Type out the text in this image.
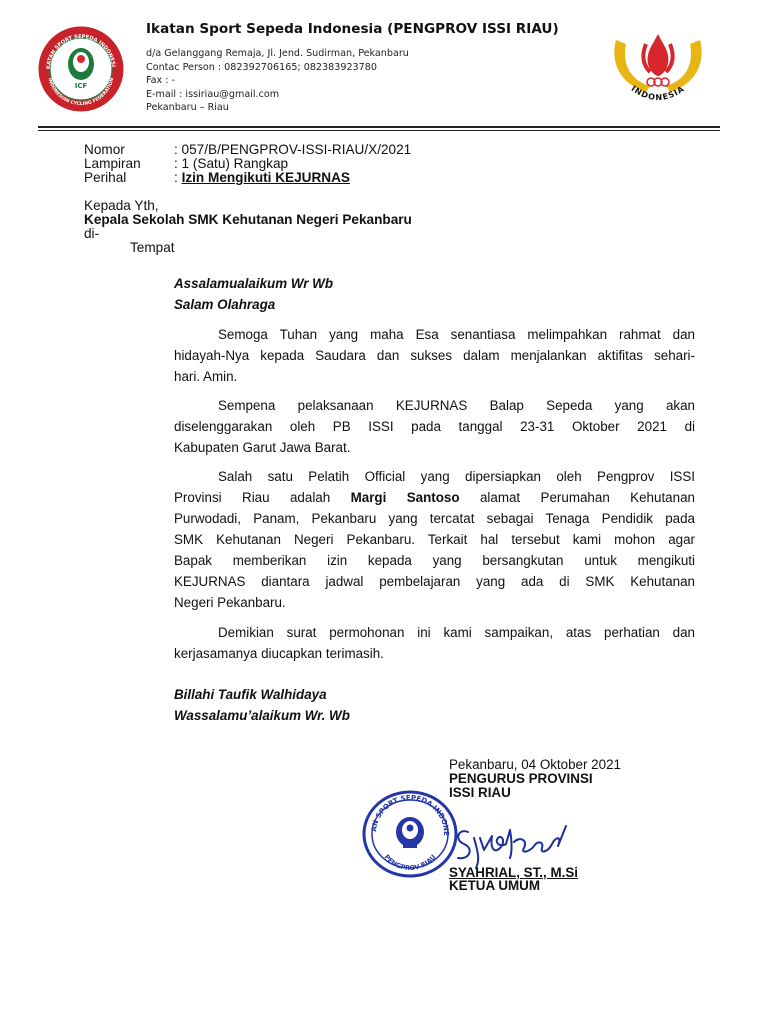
KATAN SPORT SEPEDA INDONESI
INDONESIAN CYCLING FEDERATION
ICF
Ikatan Sport Sepeda Indonesia (PENGPROV ISSI RIAU)
d/a Gelanggang Remaja, Jl. Jend. Sudirman, Pekanbaru
Contac Person : 082392706165; 082383923780
Fax : -
E-mail : issiriau@gmail.com
Pekanbaru – Riau
INDONESIA
Nomor	: 057/B/PENGPROV-ISSI-RIAU/X/2021
Lampiran : 1 (Satu) Rangkap
Perihal	: Izin Mengikuti KEJURNAS
Kepada Yth,
Kepala Sekolah SMK Kehutanan Negeri Pekanbaru
di-
Tempat
Assalamualaikum Wr Wb
Salam Olahraga
Semoga Tuhan yang maha Esa senantiasa melimpahkan rahmat dan
hidayah-Nya kepada Saudara dan sukses dalam menjalankan aktifitas sehari-
hari. Amin.
Sempena pelaksanaan KEJURNAS Balap Sepeda yang akan
diselenggarakan oleh PB ISSI pada tanggal 23-31 Oktober 2021 di
Kabupaten Garut Jawa Barat.
Salah satu Pelatih Official yang dipersiapkan oleh Pengprov ISSI
Provinsi Riau adalah Margi Santoso alamat Perumahan Kehutanan
Purwodadi, Panam, Pekanbaru yang tercatat sebagai Tenaga Pendidik pada
SMK Kehutanan Negeri Pekanbaru. Terkait hal tersebut kami mohon agar
Bapak memberikan izin kepada yang bersangkutan untuk mengikuti
KEJURNAS diantara jadwal pembelajaran yang ada di SMK Kehutanan
Negeri Pekanbaru.
Demikian surat permohonan ini kami sampaikan, atas perhatian dan
kerjasamanya diucapkan terimasih.
Billahi Taufik Walhidaya
Wassalamu’alaikum Wr. Wb
Pekanbaru, 04 Oktober 2021
PENGURUS PROVINSI
ISSI RIAU
AN SPORT SEPEDA INDONE
PENGPROV RIAU
SYAHRIAL, ST., M.Si
KETUA UMUM
